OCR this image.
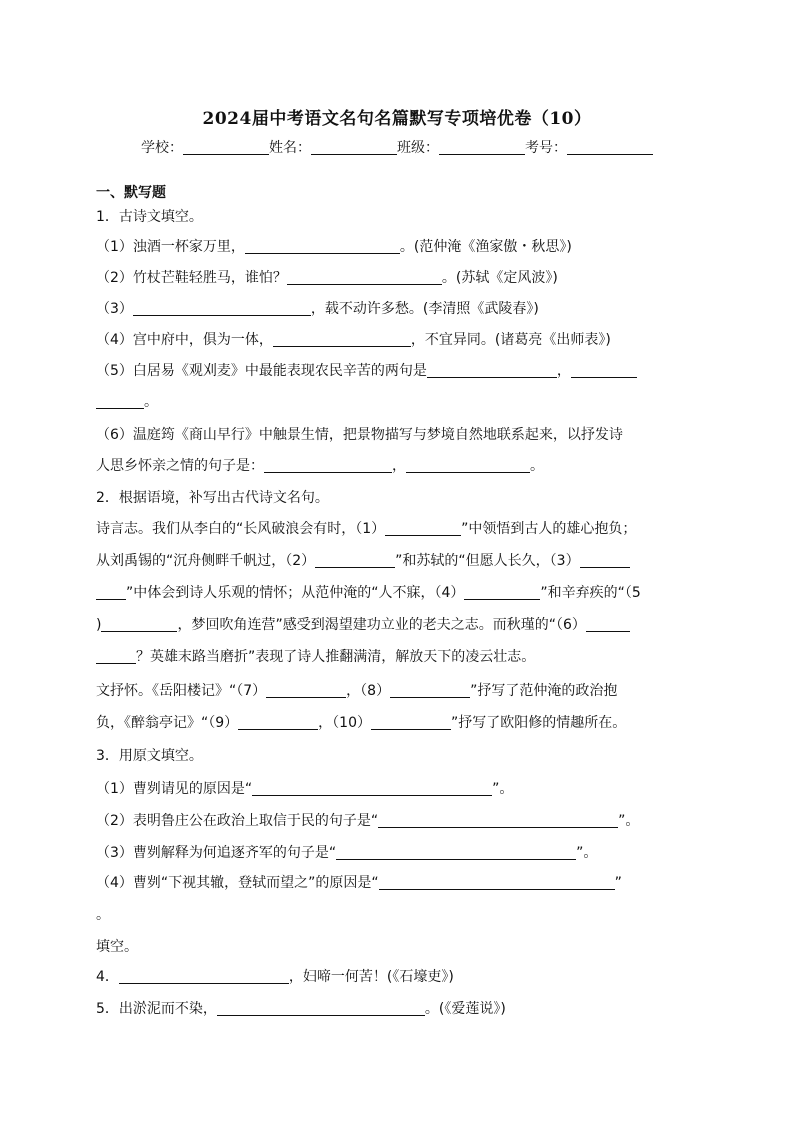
2024届中考语文名句名篇默写专项培优卷（10）
学校：	姓名：	班级：	考号：
一、默写题
1．古诗文填空。
（1）浊酒一杯家万里，	。(范仲淹《渔家傲・秋思》)
（2）竹杖芒鞋轻胜马，谁怕？	。(苏轼《定风波》)
（3）	，载不动许多愁。(李清照《武陵春》)
（4）宫中府中，俱为一体，	，不宜异同。(诸葛亮《出师表》)
（5）白居易《观刈麦》中最能表现农民辛苦的两句是	，
。
（6）温庭筠《商山早行》中触景生情，把景物描写与梦境自然地联系起来，以抒发诗
人思乡怀亲之情的句子是：	，	。
2．根据语境，补写出古代诗文名句。
诗言志。我们从李白的“长风破浪会有时，（1）	”中领悟到古人的雄心抱负；
从刘禹锡的“沉舟侧畔千帆过，（2）	”和苏轼的“但愿人长久，（3）
”中体会到诗人乐观的情怀；从范仲淹的“人不寐，（4）	”和辛弃疾的“（5
)	，梦回吹角连营”感受到渴望建功立业的老夫之志。而秋瑾的“（6）
？英雄末路当磨折”表现了诗人推翻满清，解放天下的凌云壮志。
文抒怀。《岳阳楼记》“（7）	，（8）	”抒写了范仲淹的政治抱
负，《醉翁亭记》“（9）	，（10）	”抒写了欧阳修的情趣所在。
3．用原文填空。
（1）曹刿请见的原因是“	”。
（2）表明鲁庄公在政治上取信于民的句子是“	”。
（3）曹刿解释为何追逐齐军的句子是“	”。
（4）曹刿“下视其辙，登轼而望之”的原因是“	”
。
填空。
4．	，妇啼一何苦！(《石壕吏》)
5．出淤泥而不染，	。(《爱莲说》)
